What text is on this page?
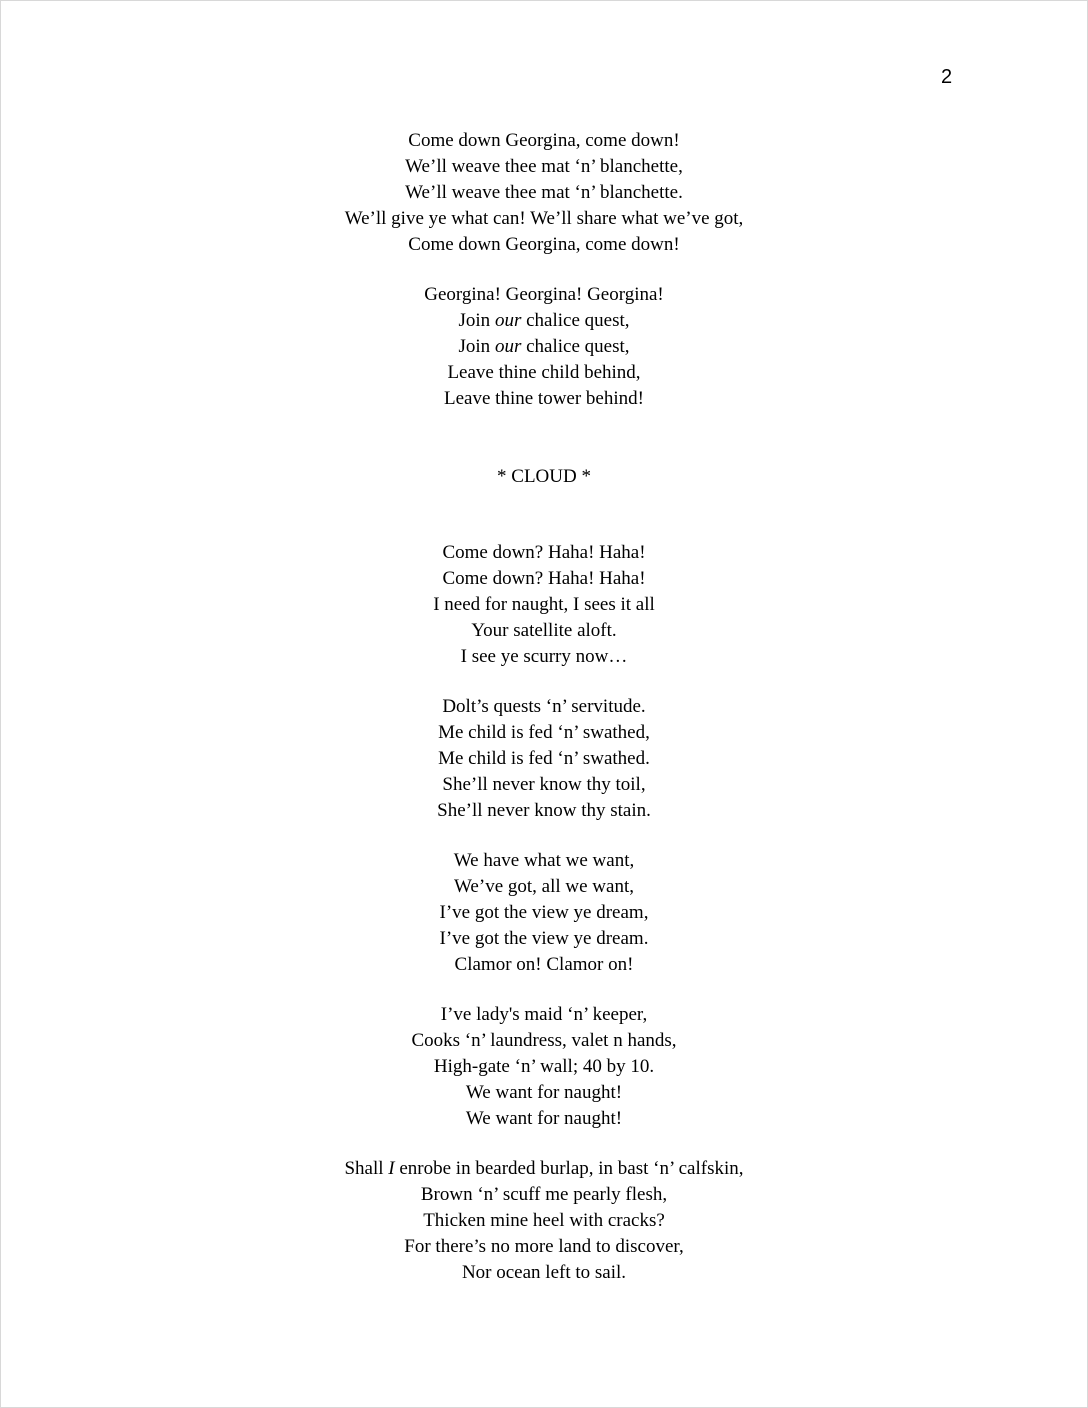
2
Come down Georgina, come down!
We’ll weave thee mat ‘n’ blanchette,
We’ll weave thee mat ‘n’ blanchette.
We’ll give ye what can! We’ll share what we’ve got,
Come down Georgina, come down!
Georgina! Georgina! Georgina!
Join our chalice quest,
Join our chalice quest,
Leave thine child behind,
Leave thine tower behind!
* CLOUD *
Come down? Haha! Haha!
Come down? Haha! Haha!
I need for naught, I sees it all
Your satellite aloft.
I see ye scurry now…
Dolt’s quests ‘n’ servitude.
Me child is fed ‘n’ swathed,
Me child is fed ‘n’ swathed.
She’ll never know thy toil,
She’ll never know thy stain.
We have what we want,
We’ve got, all we want,
I’ve got the view ye dream,
I’ve got the view ye dream.
Clamor on! Clamor on!
I’ve lady's maid ‘n’ keeper,
Cooks ‘n’ laundress, valet n hands,
High-gate ‘n’ wall; 40 by 10.
We want for naught!
We want for naught!
Shall I enrobe in bearded burlap, in bast ‘n’ calfskin,
Brown ‘n’ scuff me pearly flesh,
Thicken mine heel with cracks?
For there’s no more land to discover,
Nor ocean left to sail.
